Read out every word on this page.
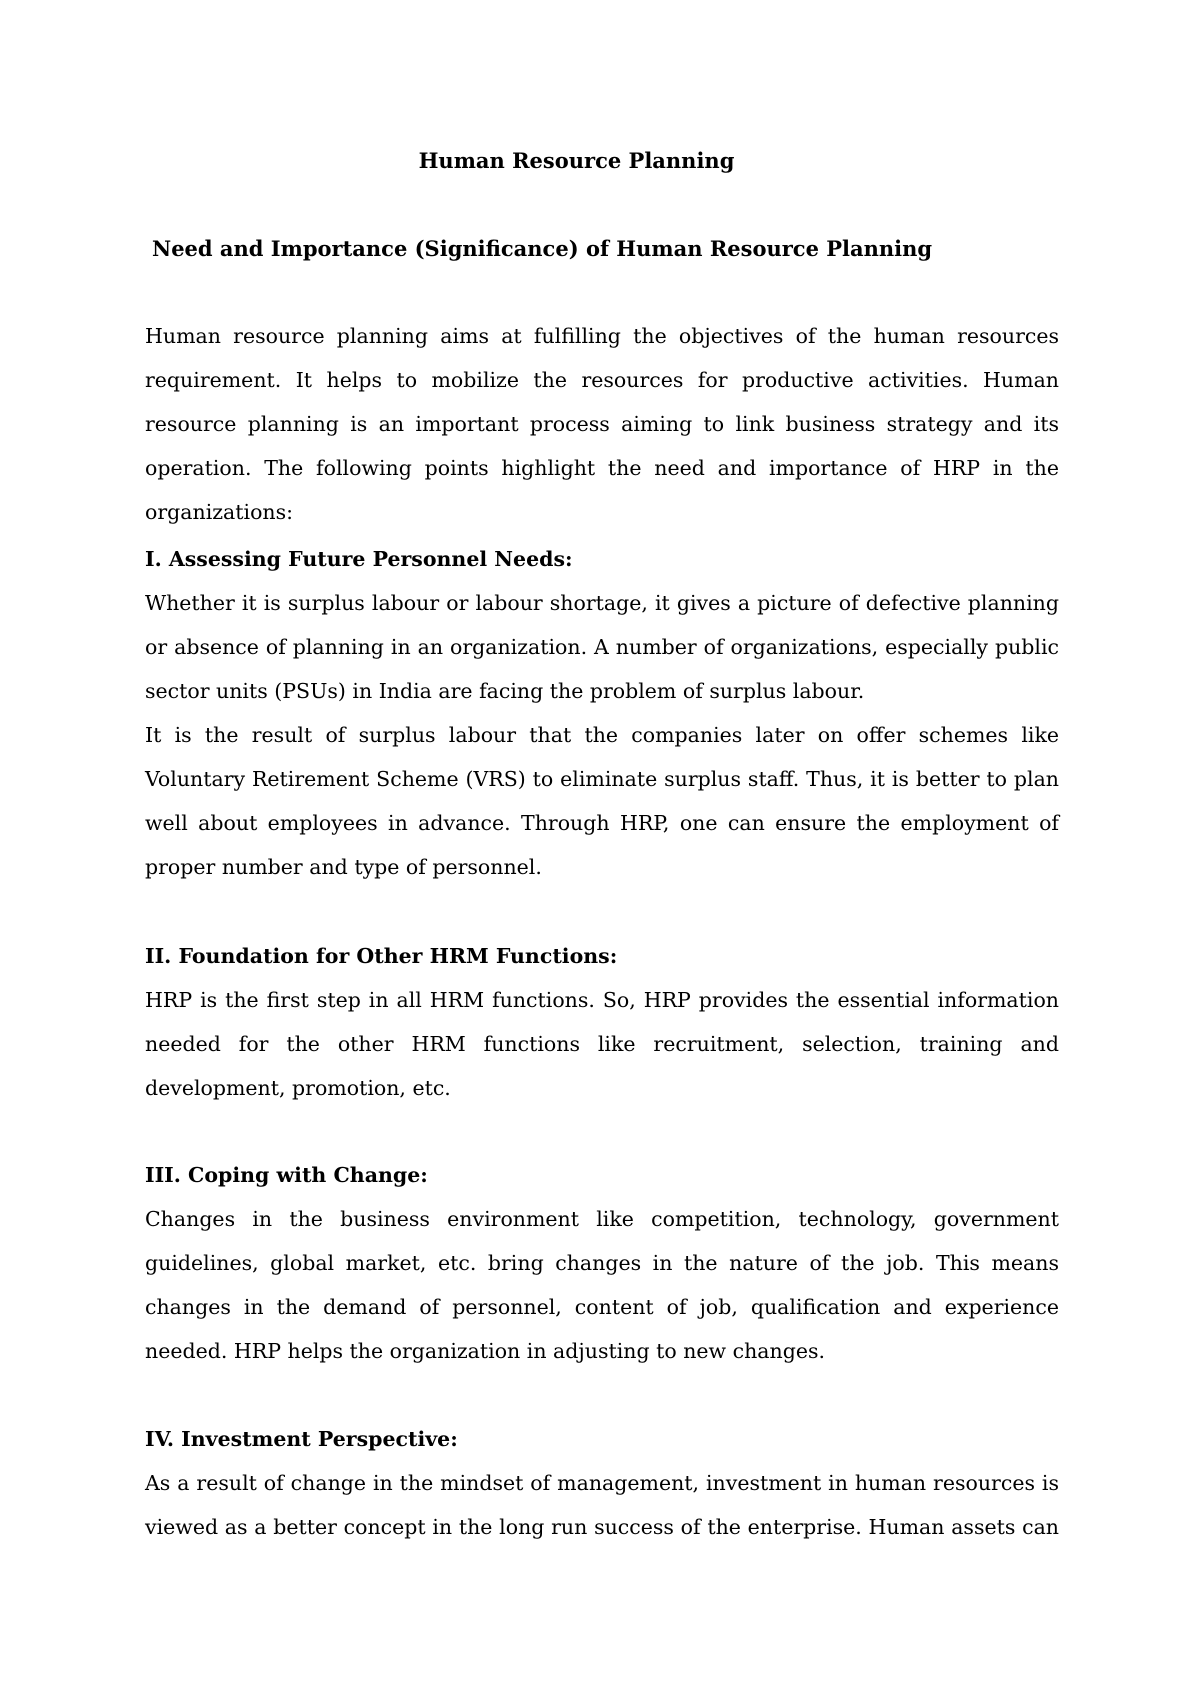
Human Resource Planning
Need and Importance (Significance) of Human Resource Planning

Human resource planning aims at fulfilling the objectives of the human resources requirement. It helps to mobilize the resources for productive activities. Human resource planning is an important process aiming to link business strategy and its operation. The following points highlight the need and importance of HRP in the organizations:

I. Assessing Future Personnel Needs:

Whether it is surplus labour or labour shortage, it gives a picture of defective planning or absence of planning in an organization. A number of organizations, especially public sector units (PSUs) in India are facing the problem of surplus labour.

It is the result of surplus labour that the companies later on offer schemes like Voluntary Retirement Scheme (VRS) to eliminate surplus staff. Thus, it is better to plan well about employees in advance. Through HRP, one can ensure the employment of proper number and type of personnel.

II. Foundation for Other HRM Functions:

HRP is the first step in all HRM functions. So, HRP provides the essential information needed for the other HRM functions like recruitment, selection, training and development, promotion, etc.

III. Coping with Change:

Changes in the business environment like competition, technology, government guidelines, global market, etc. bring changes in the nature of the job. This means changes in the demand of personnel, content of job, qualification and experience needed. HRP helps the organization in adjusting to new changes.

IV. Investment Perspective:

As a result of change in the mindset of management, investment in human resources is viewed as a better concept in the long run success of the enterprise. Human assets can
